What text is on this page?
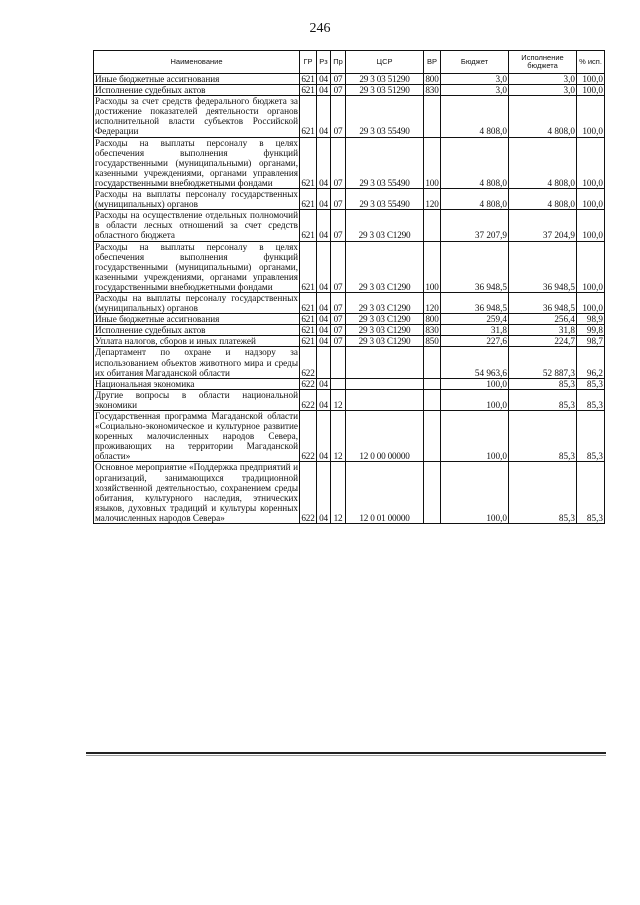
246
Наименование	ГР	Рз	Пр	ЦСР	ВР	Бюджет	Исполнение бюджета	% исп.
Иные бюджетные ассигнования	621	04	07	29 3 03 51290	800	3,0	3,0	100,0
Исполнение судебных актов	621	04	07	29 3 03 51290	830	3,0	3,0	100,0
Расходы за счет средств федерального бюджета за достижение показателей деятельности органов исполнительной власти субъектов Российской Федерации	621	04	07	29 3 03 55490		4 808,0	4 808,0	100,0
Расходы на выплаты персоналу в целях обеспечения выполнения функций государственными (муниципальными) органами, казенными учреждениями, органами управления государственными внебюджетными фондами	621	04	07	29 3 03 55490	100	4 808,0	4 808,0	100,0
Расходы на выплаты персоналу государственных (муниципальных) органов	621	04	07	29 3 03 55490	120	4 808,0	4 808,0	100,0
Расходы на осуществление отдельных полномочий в области лесных отношений за счет средств областного бюджета	621	04	07	29 3 03 С1290		37 207,9	37 204,9	100,0
Расходы на выплаты персоналу в целях обеспечения выполнения функций государственными (муниципальными) органами, казенными учреждениями, органами управления государственными внебюджетными фондами	621	04	07	29 3 03 С1290	100	36 948,5	36 948,5	100,0
Расходы на выплаты персоналу государственных (муниципальных) органов	621	04	07	29 3 03 С1290	120	36 948,5	36 948,5	100,0
Иные бюджетные ассигнования	621	04	07	29 3 03 С1290	800	259,4	256,4	98,9
Исполнение судебных актов	621	04	07	29 3 03 С1290	830	31,8	31,8	99,8
Уплата налогов, сборов и иных платежей	621	04	07	29 3 03 С1290	850	227,6	224,7	98,7
Департамент по охране и надзору за использованием объектов животного мира и среды их обитания Магаданской области	622					54 963,6	52 887,3	96,2
Национальная экономика	622	04				100,0	85,3	85,3
Другие вопросы в области национальной экономики	622	04	12			100,0	85,3	85,3
Государственная программа Магаданской области «Социально-экономическое и культурное развитие коренных малочисленных народов Севера, проживающих на территории Магаданской области»	622	04	12	12 0 00 00000		100,0	85,3	85,3
Основное мероприятие «Поддержка предприятий и организаций, занимающихся традиционной хозяйственной деятельностью, сохранением среды обитания, культурного наследия, этнических языков, духовных традиций и культуры коренных малочисленных народов Севера»	622	04	12	12 0 01 00000		100,0	85,3	85,3
